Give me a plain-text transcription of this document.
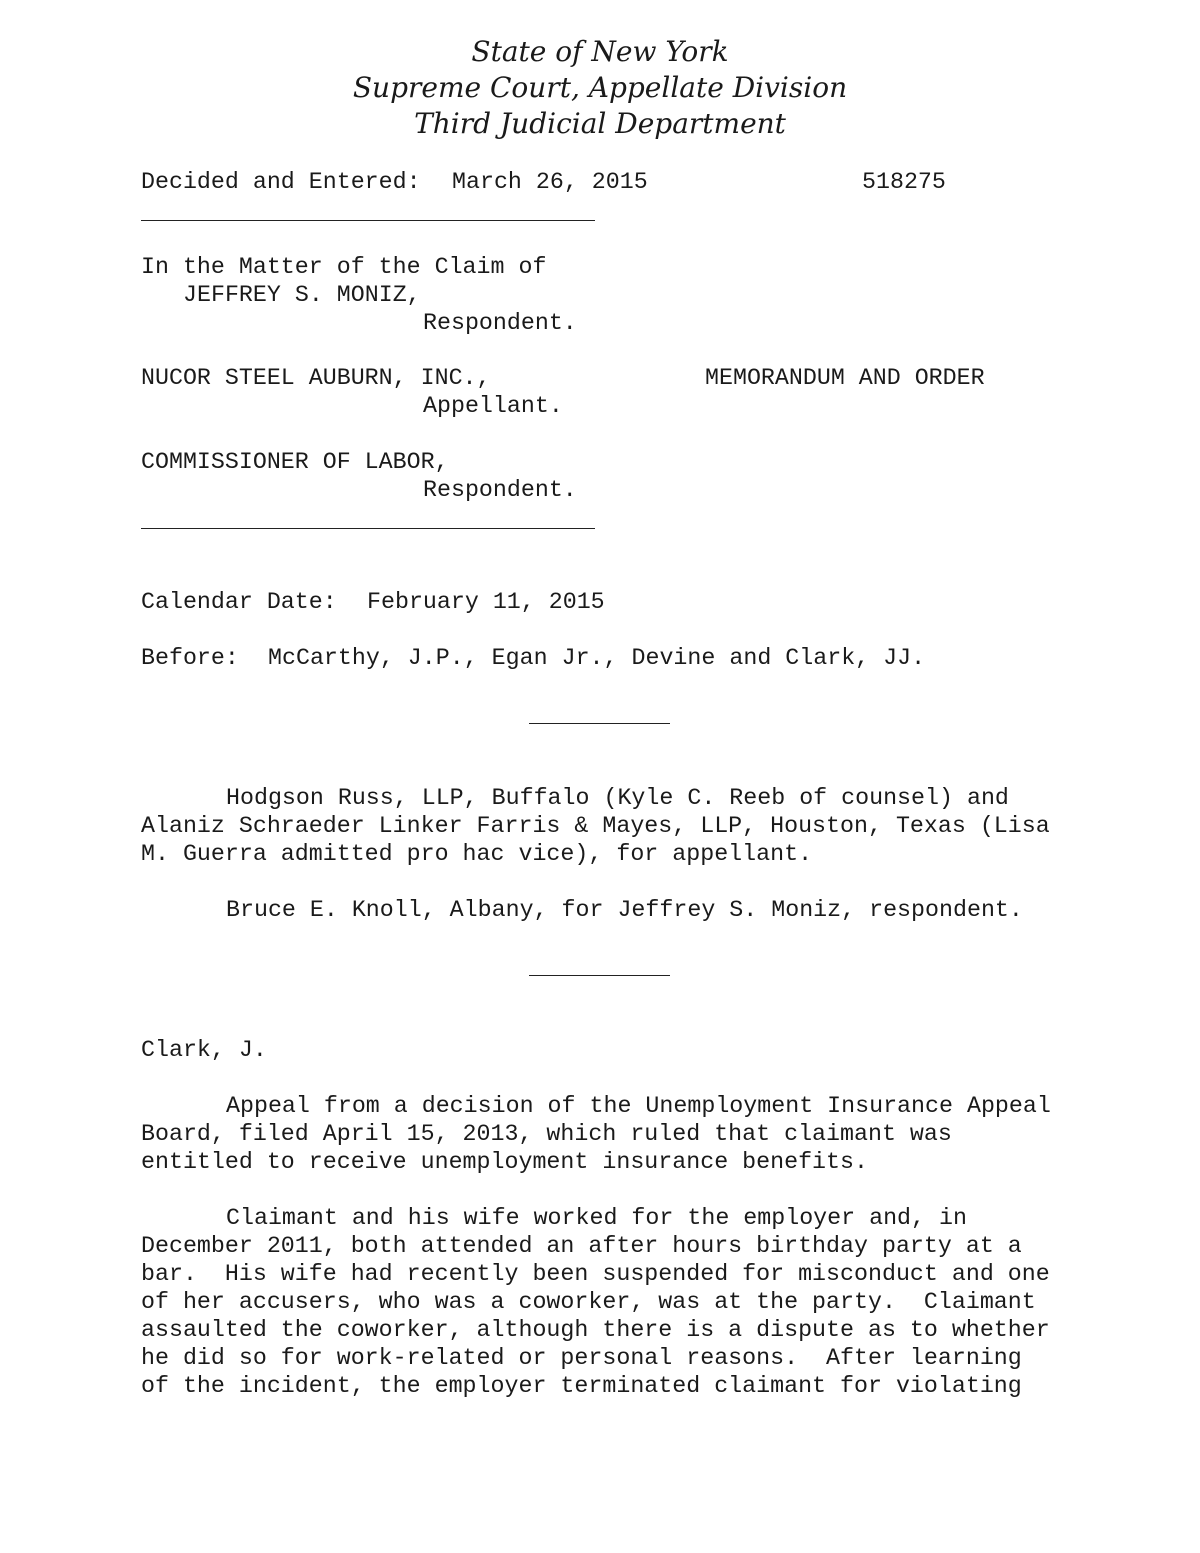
State of New York
Supreme Court, Appellate Division
Third Judicial Department
Decided and Entered: March 26, 2015	518275
In the Matter of the Claim of
JEFFREY S. MONIZ,
Respondent.
NUCOR STEEL AUBURN, INC.,	MEMORANDUM AND ORDER
Appellant.
COMMISSIONER OF LABOR,
Respondent.
Calendar Date: February 11, 2015
Before: McCarthy, J.P., Egan Jr., Devine and Clark, JJ.
Hodgson Russ, LLP, Buffalo (Kyle C. Reeb of counsel) and
Alaniz Schraeder Linker Farris & Mayes, LLP, Houston, Texas (Lisa
M. Guerra admitted pro hac vice), for appellant.
Bruce E. Knoll, Albany, for Jeffrey S. Moniz, respondent.
Clark, J.
Appeal from a decision of the Unemployment Insurance Appeal
Board, filed April 15, 2013, which ruled that claimant was
entitled to receive unemployment insurance benefits.
Claimant and his wife worked for the employer and, in
December 2011, both attended an after hours birthday party at a
bar.  His wife had recently been suspended for misconduct and one
of her accusers, who was a coworker, was at the party.  Claimant
assaulted the coworker, although there is a dispute as to whether
he did so for work-related or personal reasons.  After learning
of the incident, the employer terminated claimant for violating
